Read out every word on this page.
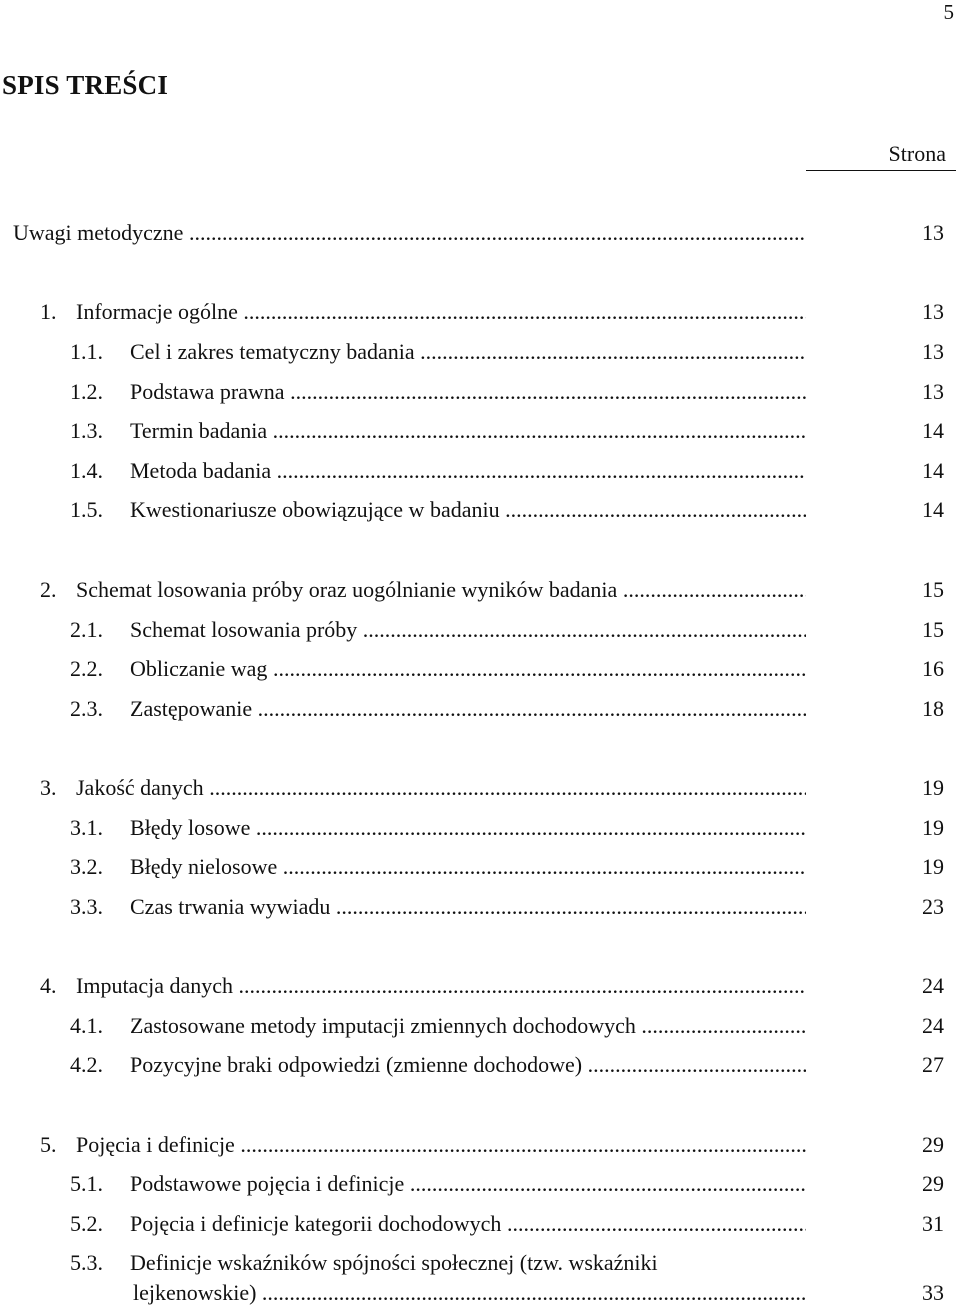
5
SPIS TREŚCI
Strona
Uwagi metodyczne .....	13
1. Informacje ogólne .....	13
1.1. Cel i zakres tematyczny badania .....	13
1.2. Podstawa prawna .....	13
1.3. Termin badania .....	14
1.4. Metoda badania .....	14
1.5. Kwestionariusze obowiązujące w badaniu .....	14
2. Schemat losowania próby oraz uogólnianie wyników badania .....	15
2.1. Schemat losowania próby .....	15
2.2. Obliczanie wag .....	16
2.3. Zastępowanie .....	18
3. Jakość danych .....	19
3.1. Błędy losowe .....	19
3.2. Błędy nielosowe .....	19
3.3. Czas trwania wywiadu .....	23
4. Imputacja danych .....	24
4.1. Zastosowane metody imputacji zmiennych dochodowych .....	24
4.2. Pozycyjne braki odpowiedzi (zmienne dochodowe) .....	27
5. Pojęcia i definicje .....	29
5.1. Podstawowe pojęcia i definicje .....	29
5.2. Pojęcia i definicje kategorii dochodowych .....	31
5.3. Definicje wskaźników spójności społecznej (tzw. wskaźniki
lejkenowskie) .....	33
